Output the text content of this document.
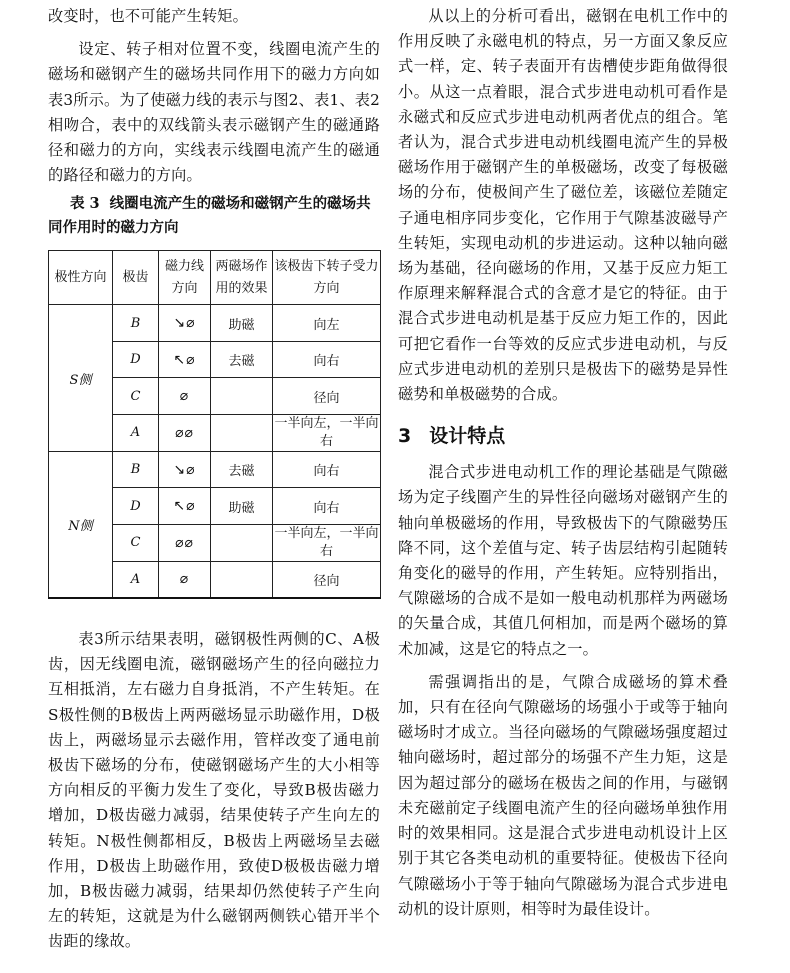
改变时，也不可能产生转矩。

设定、转子相对位置不变，线圈电流产生的磁场和磁钢产生的磁场共同作用下的磁力方向如表3所示。为了使磁力线的表示与图2、表1、表2相吻合，表中的双线箭头表示磁钢产生的磁通路径和磁力的方向，实线表示线圈电流产生的磁通的路径和磁力的方向。

表 3 线圈电流产生的磁场和磁钢产生的磁场共同作用时的磁力方向
极性方向	极齿	磁力线方向	两磁场作用的效果	该极齿下转子受力方向
S侧	B	↘⌀	助磁	向左
	D	↖⌀	去磁	向右
	C	⌀		径向
	A	⌀⌀		一半向左，一半向右
N侧	B	↘⌀	去磁	向右
	D	↖⌀	助磁	向右
	C	⌀⌀		一半向左，一半向右
	A	⌀		径向

表3所示结果表明，磁钢极性两侧的C、A极齿，因无线圈电流，磁钢磁场产生的径向磁拉力互相抵消，左右磁力自身抵消，不产生转矩。在S极性侧的B极齿上两两磁场显示助磁作用，D极齿上，两磁场显示去磁作用，管样改变了通电前极齿下磁场的分布，使磁钢磁场产生的大小相等方向相反的平衡力发生了变化，导致B极齿磁力增加，D极齿磁力减弱，结果使转子产生向左的转矩。N极性侧都相反，B极齿上两磁场呈去磁作用，D极齿上助磁作用，致使D极极齿磁力增加，B极齿磁力减弱，结果却仍然使转子产生向左的转矩，这就是为什么磁钢两侧铁心错开半个齿距的缘故。

从以上的分析可看出，磁钢在电机工作中的作用反映了永磁电机的特点，另一方面又象反应式一样，定、转子表面开有齿槽使步距角做得很小。从这一点着眼，混合式步进电动机可看作是永磁式和反应式步进电动机两者优点的组合。笔者认为，混合式步进电动机线圈电流产生的异极磁场作用于磁钢产生的单极磁场，改变了每极磁场的分布，使极间产生了磁位差，该磁位差随定子通电相序同步变化，它作用于气隙基波磁导产生转矩，实现电动机的步进运动。这种以轴向磁场为基础，径向磁场的作用，又基于反应力矩工作原理来解释混合式的含意才是它的特征。由于混合式步进电动机是基于反应力矩工作的，因此可把它看作一台等效的反应式步进电动机，与反应式步进电动机的差别只是极齿下的磁势是异性磁势和单极磁势的合成。

3 设计特点

混合式步进电动机工作的理论基础是气隙磁场为定子线圈产生的异性径向磁场对磁钢产生的轴向单极磁场的作用，导致极齿下的气隙磁势压降不同，这个差值与定、转子齿层结构引起随转角变化的磁导的作用，产生转矩。应特别指出，气隙磁场的合成不是如一般电动机那样为两磁场的矢量合成，其值几何相加，而是两个磁场的算术加减，这是它的特点之一。

需强调指出的是，气隙合成磁场的算术叠加，只有在径向气隙磁场的场强小于或等于轴向磁场时才成立。当径向磁场的气隙磁场强度超过轴向磁场时，超过部分的场强不产生力矩，这是因为超过部分的磁场在极齿之间的作用，与磁钢未充磁前定子线圈电流产生的径向磁场单独作用时的效果相同。这是混合式步进电动机设计上区别于其它各类电动机的重要特征。使极齿下径向气隙磁场小于等于轴向气隙磁场为混合式步进电动机的设计原则，相等时为最佳设计。
